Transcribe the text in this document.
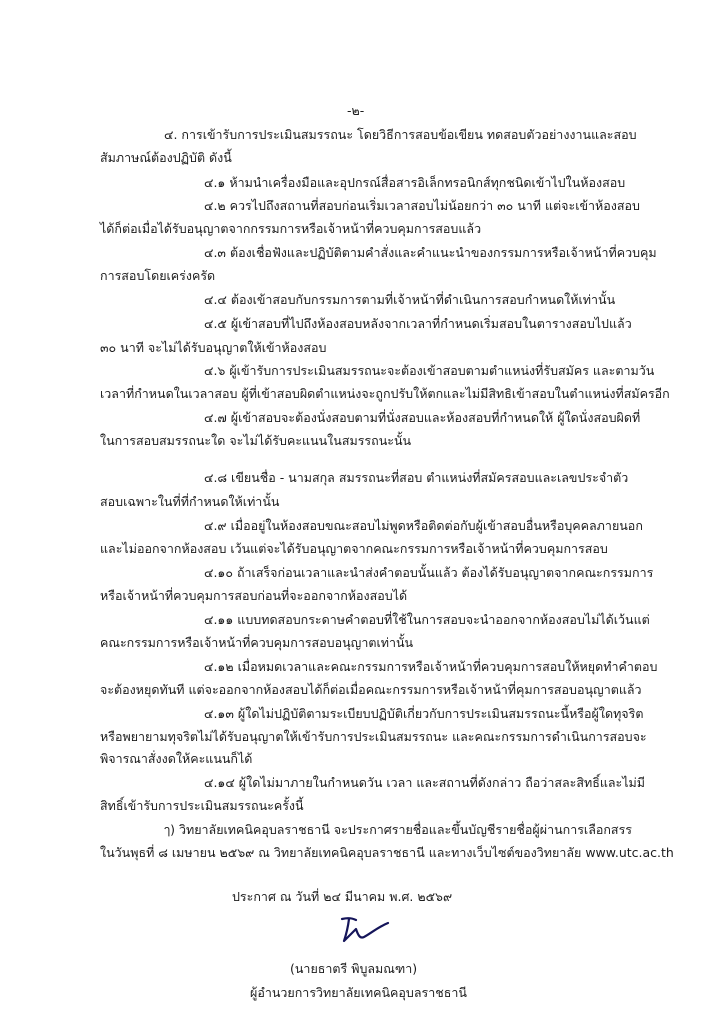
-๒-
๔. การเข้ารับการประเมินสมรรถนะ โดยวิธีการสอบข้อเขียน ทดสอบตัวอย่างงานและสอบ
สัมภาษณ์ต้องปฏิบัติ ดังนี้
๔.๑ ห้ามนำเครื่องมือและอุปกรณ์สื่อสารอิเล็กทรอนิกส์ทุกชนิดเข้าไปในห้องสอบ
๔.๒ ควรไปถึงสถานที่สอบก่อนเริ่มเวลาสอบไม่น้อยกว่า ๓๐ นาที แต่จะเข้าห้องสอบ
ได้ก็ต่อเมื่อได้รับอนุญาตจากกรรมการหรือเจ้าหน้าที่ควบคุมการสอบแล้ว
๔.๓ ต้องเชื่อฟังและปฏิบัติตามคำสั่งและคำแนะนำของกรรมการหรือเจ้าหน้าที่ควบคุม
การสอบโดยเคร่งครัด
๔.๔ ต้องเข้าสอบกับกรรมการตามที่เจ้าหน้าที่ดำเนินการสอบกำหนดให้เท่านั้น
๔.๕ ผู้เข้าสอบที่ไปถึงห้องสอบหลังจากเวลาที่กำหนดเริ่มสอบในตารางสอบไปแล้ว
๓๐ นาที จะไม่ได้รับอนุญาตให้เข้าห้องสอบ
๔.๖ ผู้เข้ารับการประเมินสมรรถนะจะต้องเข้าสอบตามตำแหน่งที่รับสมัคร และตามวัน
เวลาที่กำหนดในเวลาสอบ ผู้ที่เข้าสอบผิดตำแหน่งจะถูกปรับให้ตกและไม่มีสิทธิเข้าสอบในตำแหน่งที่สมัครอีก
๔.๗ ผู้เข้าสอบจะต้องนั่งสอบตามที่นั่งสอบและห้องสอบที่กำหนดให้ ผู้ใดนั่งสอบผิดที่
ในการสอบสมรรถนะใด จะไม่ได้รับคะแนนในสมรรถนะนั้น
๔.๘ เขียนชื่อ - นามสกุล สมรรถนะที่สอบ ตำแหน่งที่สมัครสอบและเลขประจำตัว
สอบเฉพาะในที่ที่กำหนดให้เท่านั้น
๔.๙ เมื่ออยู่ในห้องสอบขณะสอบไม่พูดหรือติดต่อกับผู้เข้าสอบอื่นหรือบุคคลภายนอก
และไม่ออกจากห้องสอบ เว้นแต่จะได้รับอนุญาตจากคณะกรรมการหรือเจ้าหน้าที่ควบคุมการสอบ
๔.๑๐ ถ้าเสร็จก่อนเวลาและนำส่งคำตอบนั้นแล้ว ต้องได้รับอนุญาตจากคณะกรรมการ
หรือเจ้าหน้าที่ควบคุมการสอบก่อนที่จะออกจากห้องสอบได้
๔.๑๑ แบบทดสอบกระดาษคำตอบที่ใช้ในการสอบจะนำออกจากห้องสอบไม่ได้เว้นแต่
คณะกรรมการหรือเจ้าหน้าที่ควบคุมการสอบอนุญาตเท่านั้น
๔.๑๒ เมื่อหมดเวลาและคณะกรรมการหรือเจ้าหน้าที่ควบคุมการสอบให้หยุดทำคำตอบ
จะต้องหยุดทันที แต่จะออกจากห้องสอบได้ก็ต่อเมื่อคณะกรรมการหรือเจ้าหน้าที่คุมการสอบอนุญาตแล้ว
๔.๑๓ ผู้ใดไม่ปฏิบัติตามระเบียบปฏิบัติเกี่ยวกับการประเมินสมรรถนะนี้หรือผู้ใดทุจริต
หรือพยายามทุจริตไม่ได้รับอนุญาตให้เข้ารับการประเมินสมรรถนะ และคณะกรรมการดำเนินการสอบจะ
พิจารณาสั่งงดให้คะแนนก็ได้
๔.๑๔ ผู้ใดไม่มาภายในกำหนดวัน เวลา และสถานที่ดังกล่าว ถือว่าสละสิทธิ์และไม่มี
สิทธิ์เข้ารับการประเมินสมรรถนะครั้งนี้
ๅ) วิทยาลัยเทคนิคอุบลราชธานี จะประกาศรายชื่อและขึ้นบัญชีรายชื่อผู้ผ่านการเลือกสรร
ในวันพุธที่ ๘ เมษายน ๒๕๖๙ ณ วิทยาลัยเทคนิคอุบลราชธานี และทางเว็บไซต์ของวิทยาลัย www.utc.ac.th
ประกาศ ณ วันที่ ๒๔ มีนาคม พ.ศ. ๒๕๖๙
(นายธาตรี พิบูลมณฑา)
ผู้อำนวยการวิทยาลัยเทคนิคอุบลราชธานี
